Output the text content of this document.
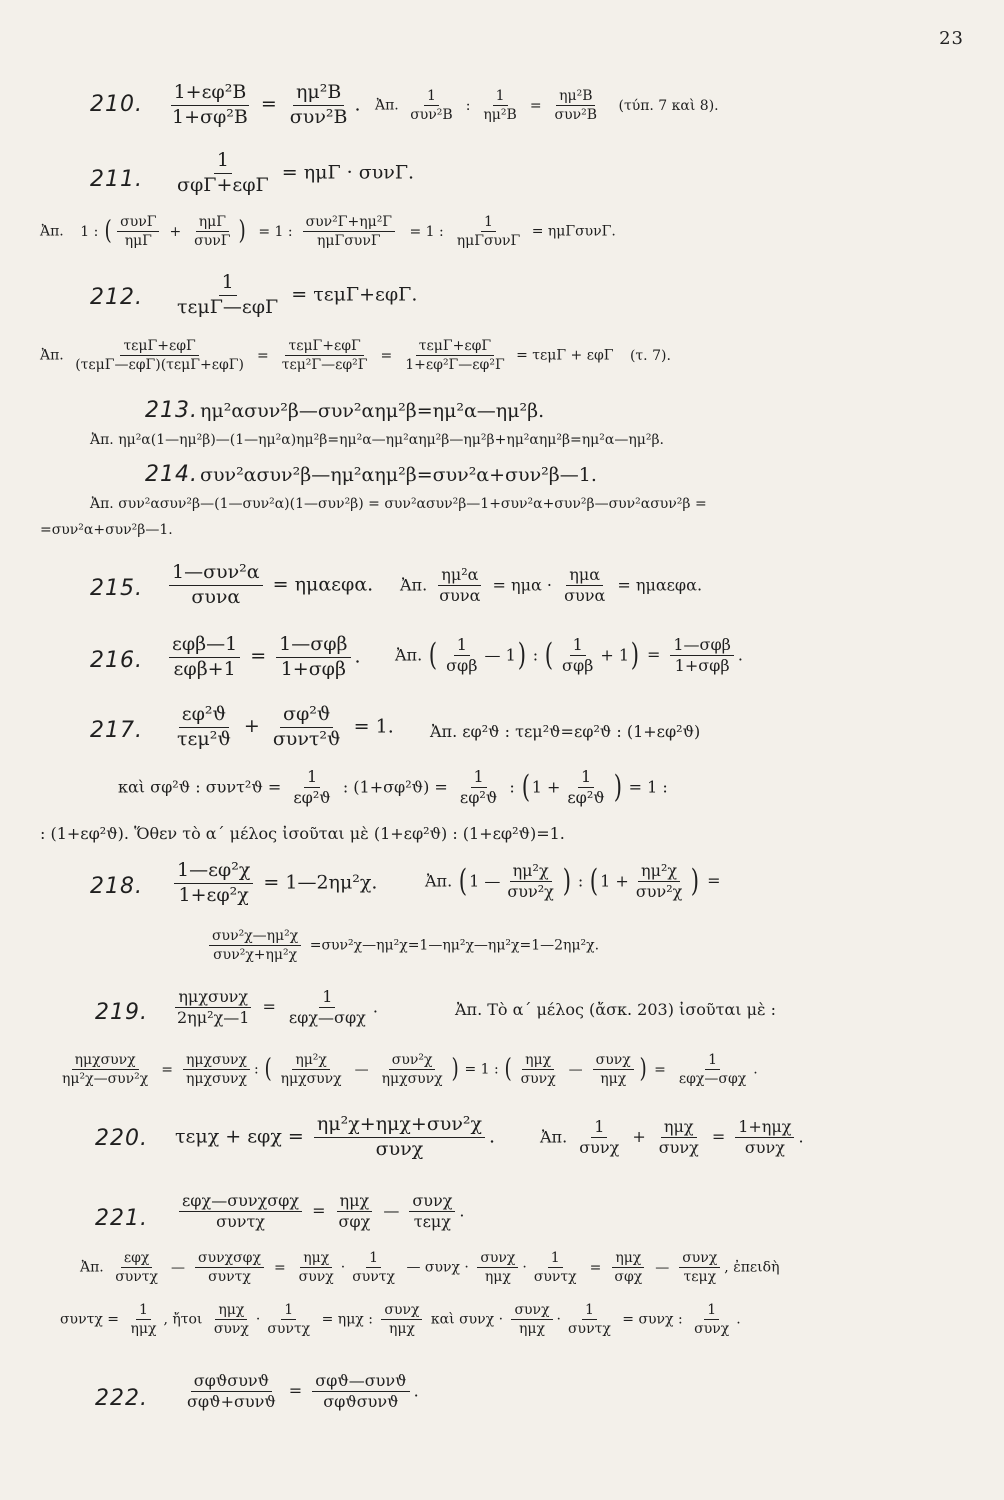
23
210. $\frac{\text{1+εφ²Β}}{\text{1+σφ²Β}} = \frac{\text{ημ²Β}}{\text{συν²Β}}$ . Ἀπ. $\frac{1}{\text{συν²Β}}$ : $\frac{1}{\text{ημ²Β}} = \frac{\text{ημ²Β}}{\text{συν²Β}} (\tau ύ\pi$. 7 καὶ 8).
211. $\frac{1}{\text{σφΓ+εφΓ}} = \eta\mu\Gamma \cdot \sigma\upsilon\nu\Gamma$.
Ἀπ. 1 : ( $\frac{\text{συνΓ}}{\text{ημΓ}} + \frac{\text{ημΓ}}{\text{συνΓ}}$ ) = 1 : $\frac{\text{συν²Γ+ημ²Γ}}{\text{ημΓσυνΓ}} = 1$ : $\frac{1}{\text{ημΓσυνΓ}} = \eta\mu\Gamma\sigma\upsilon\nu\Gamma$.
212. $\frac{1}{\text{τεμΓ—εφΓ}} = \tau\varepsilon\mu\Gamma+\varepsilon\varphi\Gamma$.
Ἀπ. $\frac{\text{τεμΓ+εφΓ}}{\text{(τεμΓ—εφΓ)(τεμΓ+εφΓ)}} = \frac{\text{τεμΓ+εφΓ}}{\text{τεμ²Γ—εφ²Γ}} = \frac{\text{τεμΓ+εφΓ}}{\text{1+εφ²Γ—εφ²Γ}} = \tau\varepsilon\mu\Gamma + \varepsilon\varphi\Gamma$ (τ. 7).
213. ημ²ασυν²β—συν²αημ²β=ημ²α—ημ²β.
Ἀπ. ημ²α(1—ημ²β)—(1—ημ²α)ημ²β=ημ²α—ημ²αημ²β—ημ²β+ημ²αημ²β=ημ²α—ημ²β.
214. συν²ασυν²β—ημ²αημ²β=συν²α+συν²β—1.
Ἀπ. συν²ασυν²β—(1—συν²α)(1—συν²β) = συν²ασυν²β—1+συν²α+συν²β—συν²ασυν²β =
=συν²α+συν²β—1.
215. $\frac{\text{1—συν²α}}{\text{συνα}} = \eta\mu\alpha\varepsilon\varphi\alpha$. Ἀπ. $\frac{\text{ημ²α}}{\text{συνα}} = \eta\mu\alpha \cdot \frac{\text{ημα}}{\text{συνα}} = \eta\mu\alpha\varepsilon\varphi\alpha$.
216. $\frac{\text{εφβ—1}}{\text{εφβ+1}} = \frac{\text{1—σφβ}}{\text{1+σφβ}}$ . Ἀπ. ( $\frac{1}{\text{σφβ}}$ — 1) : ( $\frac{1}{\text{σφβ}} + 1) = \frac{\text{1—σφβ}}{\text{1+σφβ}}$ .
217. $\frac{\text{εφ²ϑ}}{\text{τεμ²ϑ}} + \frac{\text{σφ²ϑ}}{\text{συντ²ϑ}} = 1$. Ἀπ. εφ²ϑ : τεμ²ϑ=εφ²ϑ : (1+εφ²ϑ)
καὶ σφ²ϑ : $\sigma\upsilon\nu\tau^2ϑ = \frac{1}{\text{εφ²ϑ}}$ : $(1+\sigma\varphi^2ϑ) = \frac{1}{\text{εφ²ϑ}}$ : ( $1 + \frac{1}{\text{εφ²ϑ}}$ ) = 1 :
: (1+εφ²ϑ). Ὅθεν τὸ α΄ μέλος ἰσοῦται μὲ (1+εφ²ϑ) : (1+εφ²ϑ)=1.
218. $\frac{\text{1—εφ²χ}}{\text{1+εφ²χ}}$ = 1—2ημ²χ.	Ἀπ. ( 1 — $\frac{\text{ημ²χ}}{\text{συν²χ}}$ ) : ( $1 + \frac{\text{ημ²χ}}{\text{συν²χ}}$ ) =
$\frac{\text{συν²χ—ημ²χ}}{\text{συν²χ+ημ²χ}}$ =συν²χ—ημ²χ=1—ημ²χ—ημ²χ=1—2ημ²χ.
219. $\frac{\text{ημχσυνχ}}{\text{2ημ²χ—1}} = \frac{1}{\text{εφχ—σφχ}}$ .	Ἀπ. Τὸ α΄ μέλος (ἄσκ. 203) ἰσοῦται μὲ :
$\frac{\text{ημχσυνχ}}{\text{ημ²χ—συν²χ}} = \frac{\text{ημχσυνχ}}{\text{ημχσυνχ}}$ : ( $\frac{\text{ημ²χ}}{\text{ημχσυνχ}}$ — $\frac{\text{συν²χ}}{\text{ημχσυνχ}}$ ) = 1 : ( $\frac{\text{ημχ}}{\text{συνχ}}$ — $\frac{\text{συνχ}}{\text{ημχ}}$ ) = $\frac{1}{\text{εφχ—σφχ}}$ .
220. $\tau\varepsilon\mu\chi + \varepsilon\varphi\chi = \frac{\text{ημ²χ+ημχ+συν²χ}}{\text{συνχ}}$ .	Ἀπ. $\frac{1}{\text{συνχ}} + \frac{\text{ημχ}}{\text{συνχ}} = \frac{\text{1+ημχ}}{\text{συνχ}}$ .
221. $\frac{\text{εφχ—συνχσφχ}}{\text{συντχ}} = \frac{\text{ημχ}}{\text{σφχ}}$ — $\frac{\text{συνχ}}{\text{τεμχ}}$ .
Ἀπ. $\frac{\text{εφχ}}{\text{συντχ}}$ — $\frac{\text{συνχσφχ}}{\text{συντχ}} = \frac{\text{ημχ}}{\text{συνχ}} \cdot \frac{1}{\text{συντχ}}$ — $\sigma\upsilon\nu\chi \cdot \frac{\text{συνχ}}{\text{ημχ}} \cdot \frac{1}{\text{συντχ}} = \frac{\text{ημχ}}{\text{σφχ}}$ — $\frac{\text{συνχ}}{\text{τεμχ}}$ , ἐπειδὴ
$\sigma\upsilon\nu\tau\chi = \frac{1}{\text{ημχ}}$ , ἤτοι $\frac{\text{ημχ}}{\text{συνχ}} \cdot \frac{1}{\text{συντχ}} = \eta\mu\chi$ : $\frac{\text{συνχ}}{\text{ημχ}}$ καὶ $\sigma\upsilon\nu\chi \cdot \frac{\text{συνχ}}{\text{ημχ}} \cdot \frac{1}{\text{συντχ}} = \sigma\upsilon\nu\chi$ : $\frac{1}{\text{συνχ}}$ .
222. $\frac{\text{σφϑσυνϑ}}{\text{σφϑ+συνϑ}} = \frac{\text{σφϑ—συνϑ}}{\text{σφϑσυνϑ}}$ .
